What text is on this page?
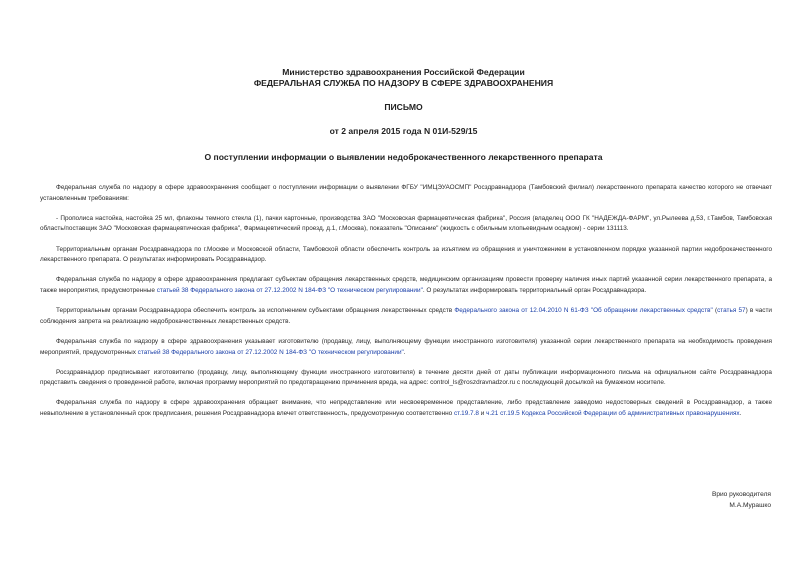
Министерство здравоохранения Российской Федерации
ФЕДЕРАЛЬНАЯ СЛУЖБА ПО НАДЗОРУ В СФЕРЕ ЗДРАВООХРАНЕНИЯ
ПИСЬМО
от 2 апреля 2015 года N 01И-529/15
О поступлении информации о выявлении недоброкачественного лекарственного препарата

Федеральная служба по надзору в сфере здравоохранения сообщает о поступлении информации о выявлении ФГБУ "ИМЦЭУАОСМП" Росздравнадзора (Тамбовский филиал) лекарственного препарата качество которого не отвечает установленным требованиям:

- Прополиса настойка, настойка 25 мл, флаконы темного стекла (1), пачки картонные, производства ЗАО "Московская фармацевтическая фабрика", Россия (владелец ООО ГК "НАДЕЖДА-ФАРМ", ул.Рылеева д.53, г.Тамбов, Тамбовская область/поставщик ЗАО "Московская фармацевтическая фабрика", Фармацевтический проезд, д.1, г.Москва), показатель "Описание" (жидкость с обильным хлопьевидным осадком) - серии 131113.

Территориальным органам Росздравнадзора по г.Москве и Московской области, Тамбовской области обеспечить контроль за изъятием из обращения и уничтожением в установленном порядке указанной партии недоброкачественного лекарственного препарата. О результатах информировать Росздравнадзор.

Федеральная служба по надзору в сфере здравоохранения предлагает субъектам обращения лекарственных средств, медицинским организациям провести проверку наличия иных партий указанной серии лекарственного препарата, а также мероприятия, предусмотренные статьей 38 Федерального закона от 27.12.2002 N 184-ФЗ "О техническом регулировании". О результатах информировать территориальный орган Росздравнадзора.

Территориальным органам Росздравнадзора обеспечить контроль за исполнением субъектами обращения лекарственных средств Федерального закона от 12.04.2010 N 61-ФЗ "Об обращении лекарственных средств" (статья 57) в части соблюдения запрета на реализацию недоброкачественных лекарственных средств.

Федеральная служба по надзору в сфере здравоохранения указывает изготовителю (продавцу, лицу, выполняющему функции иностранного изготовителя) указанной серии лекарственного препарата на необходимость проведения мероприятий, предусмотренных статьей 38 Федерального закона от 27.12.2002 N 184-ФЗ "О техническом регулировании".

Росздравнадзор предписывает изготовителю (продавцу, лицу, выполняющему функции иностранного изготовителя) в течение десяти дней от даты публикации информационного письма на официальном сайте Росздравнадзора представить сведения о проведенной работе, включая программу мероприятий по предотвращению причинения вреда, на адрес: control_ls@roszdravnadzor.ru с последующей досылкой на бумажном носителе.

Федеральная служба по надзору в сфере здравоохранения обращает внимание, что непредставление или несвоевременное представление, либо представление заведомо недостоверных сведений в Росздравнадзор, а также невыполнение в установленный срок предписания, решения Росздравнадзора влечет ответственность, предусмотренную соответственно ст.19.7.8 и ч.21 ст.19.5 Кодекса Российской Федерации об административных правонарушениях.

Врио руководителя
М.А.Мурашко
